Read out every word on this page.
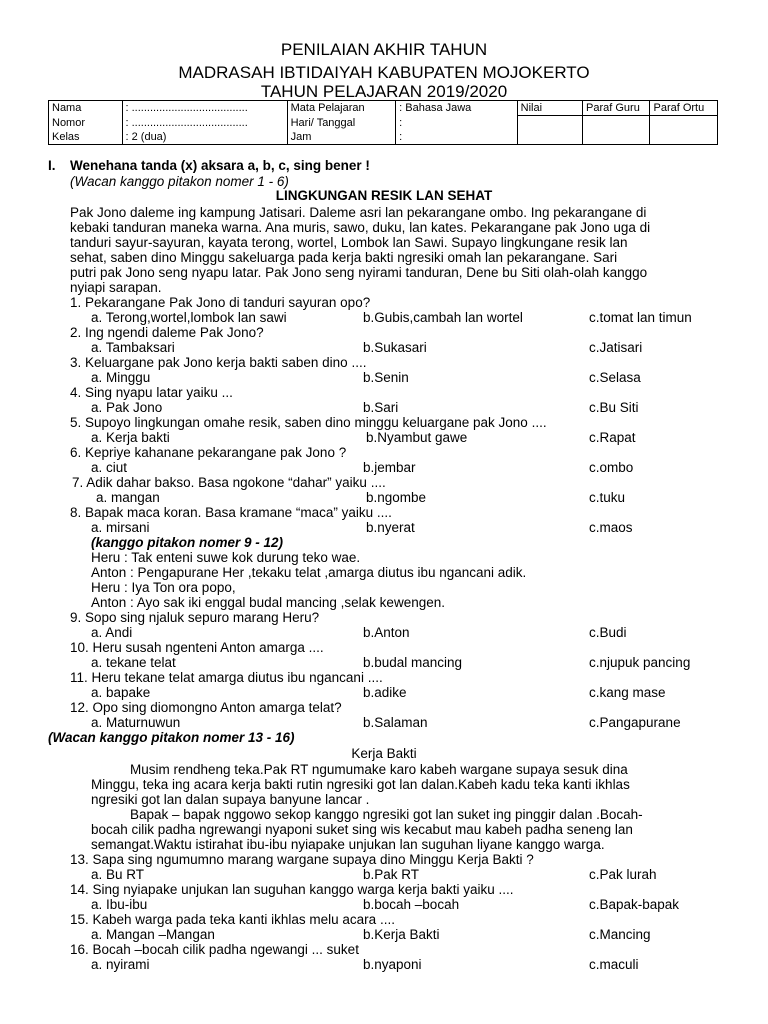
PENILAIAN AKHIR TAHUN
MADRASAH IBTIDAIYAH KABUPATEN MOJOKERTO
TAHUN PELAJARAN 2019/2020
Nama	: ......................................	Mata Pelajaran	: Bahasa Jawa	Nilai	Paraf Guru	Paraf Ortu
Nomor	: ......................................	Hari/ Tanggal	:			
Kelas	: 2 (dua)	Jam	:			
I. Wenehana tanda (x) aksara a, b, c, sing bener !
(Wacan kanggo pitakon nomer 1 - 6)
LINGKUNGAN RESIK LAN SEHAT
Pak Jono daleme ing kampung Jatisari. Daleme asri lan pekarangane ombo. Ing pekarangane di
kebaki tanduran maneka warna. Ana muris, sawo, duku, lan kates. Pekarangane pak Jono uga di
tanduri sayur-sayuran, kayata terong, wortel, Lombok lan Sawi. Supayo lingkungane resik lan
sehat, saben dino Minggu sakeluarga pada kerja bakti ngresiki omah lan pekarangane. Sari
putri pak Jono seng nyapu latar. Pak Jono seng nyirami tanduran, Dene bu Siti olah-olah kanggo
nyiapi sarapan.
1. Pekarangane Pak Jono di tanduri sayuran opo?
a. Terong,wortel,lombok lan sawi	b.Gubis,cambah lan wortel	c.tomat lan timun
2. Ing ngendi daleme Pak Jono?
a. Tambaksari	b.Sukasari	c.Jatisari
3. Keluargane pak Jono kerja bakti saben dino ....
a. Minggu	b.Senin	c.Selasa
4. Sing nyapu latar yaiku ...
a. Pak Jono	b.Sari	c.Bu Siti
5. Supoyo lingkungan omahe resik, saben dino minggu keluargane pak Jono ....
a. Kerja bakti	b.Nyambut gawe	c.Rapat
6. Kepriye kahanane pekarangane pak Jono ?
a. ciut	b.jembar	c.ombo
7. Adik dahar bakso. Basa ngokone “dahar” yaiku ....
a. mangan	b.ngombe	c.tuku
8. Bapak maca koran. Basa kramane “maca” yaiku ....
a. mirsani	b.nyerat	c.maos
(kanggo pitakon nomer 9 - 12)
Heru : Tak enteni suwe kok durung teko wae.
Anton : Pengapurane Her ,tekaku telat ,amarga diutus ibu ngancani adik.
Heru : Iya Ton ora popo,
Anton : Ayo sak iki enggal budal mancing ,selak kewengen.
9. Sopo sing njaluk sepuro marang Heru?
a. Andi	b.Anton	c.Budi
10. Heru susah ngenteni Anton amarga ....
a. tekane telat	b.budal mancing	c.njupuk pancing
11. Heru tekane telat amarga diutus ibu ngancani ....
a. bapake	b.adike	c.kang mase
12. Opo sing diomongno Anton amarga telat?
a. Maturnuwun	b.Salaman	c.Pangapurane
(Wacan kanggo pitakon nomer 13 - 16)
Kerja Bakti
Musim rendheng teka.Pak RT ngumumake karo kabeh wargane supaya sesuk dina
Minggu, teka ing acara kerja bakti rutin ngresiki got lan dalan.Kabeh kadu teka kanti ikhlas
ngresiki got lan dalan supaya banyune lancar .
Bapak – bapak nggowo sekop kanggo ngresiki got lan suket ing pinggir dalan .Bocah-
bocah cilik padha ngrewangi nyaponi suket sing wis kecabut mau kabeh padha seneng lan
semangat.Waktu istirahat ibu-ibu nyiapake unjukan lan suguhan liyane kanggo warga.
13. Sapa sing ngumumno marang wargane supaya dino Minggu Kerja Bakti ?
a. Bu RT	b.Pak RT	c.Pak lurah
14. Sing nyiapake unjukan lan suguhan kanggo warga kerja bakti yaiku ....
a. Ibu-ibu	b.bocah –bocah	c.Bapak-bapak
15. Kabeh warga pada teka kanti ikhlas melu acara ....
a. Mangan –Mangan	b.Kerja Bakti	c.Mancing
16. Bocah –bocah cilik padha ngewangi ... suket
a. nyirami	b.nyaponi	c.maculi
